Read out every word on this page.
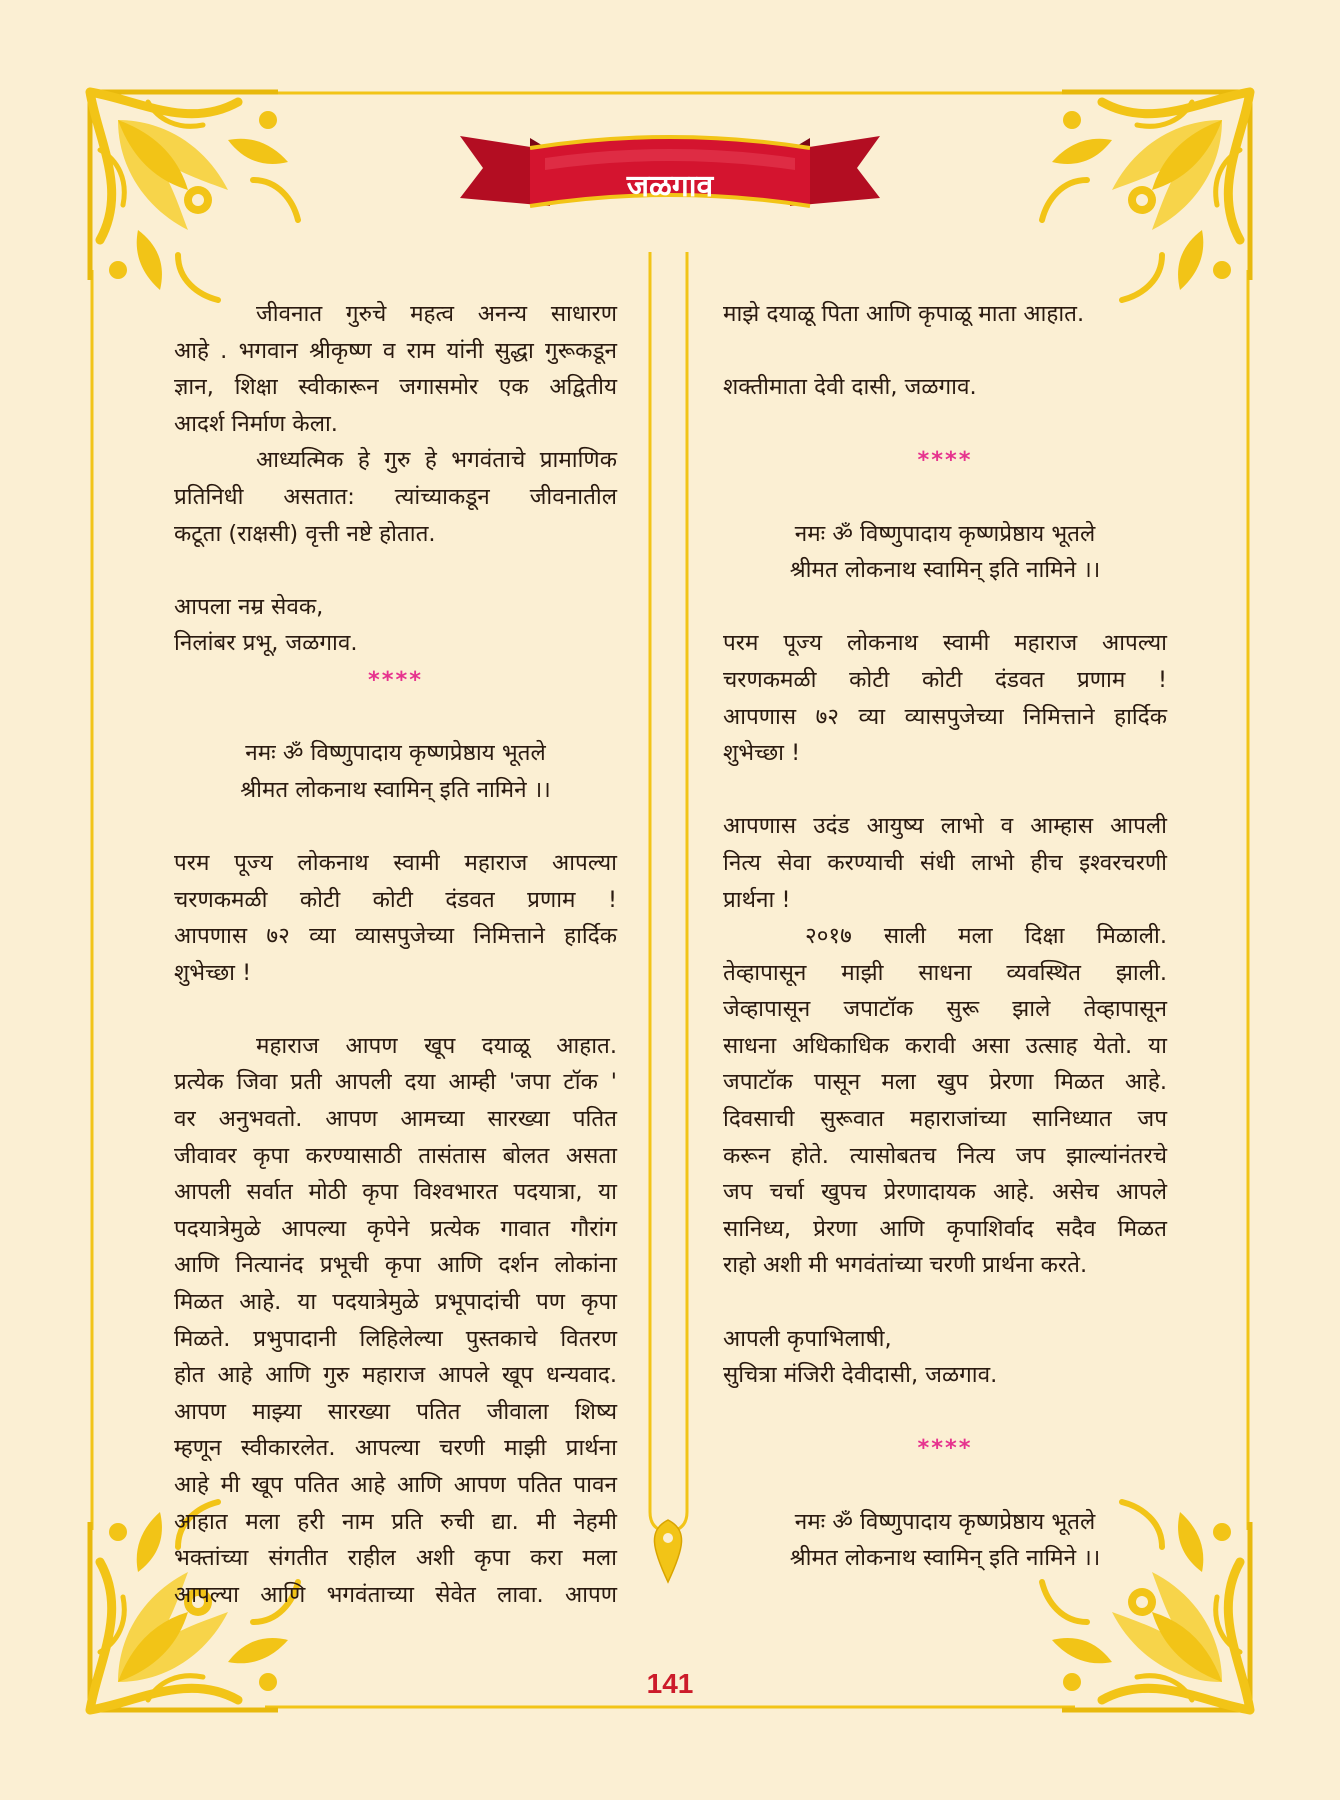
जळगाव

जीवनात गुरुचे महत्व अनन्य साधारण

आहे . भगवान श्रीकृष्ण व राम यांनी सुद्धा गुरूकडून

ज्ञान, शिक्षा स्वीकारून जगासमोर एक अद्वितीय

आदर्श निर्माण केला.

आध्यत्मिक हे गुरु हे भगवंताचे प्रामाणिक

प्रतिनिधी असतात: त्यांच्याकडून जीवनातील

कटूता (राक्षसी) वृत्ती नष्टे होतात.

आपला नम्र सेवक,

निलांबर प्रभू, जळगाव.

****

नमः ॐ विष्णुपादाय कृष्णप्रेष्ठाय भूतले

श्रीमत लोकनाथ स्वामिन् इति नामिने ।।

परम पूज्य लोकनाथ स्वामी महाराज आपल्या

चरणकमळी कोटी कोटी दंडवत प्रणाम !

आपणास ७२ व्या व्यासपुजेच्या निमित्ताने हार्दिक

शुभेच्छा !

महाराज आपण खूप दयाळू आहात.

प्रत्येक जिवा प्रती आपली दया आम्ही 'जपा टॉक '

वर अनुभवतो. आपण आमच्या सारख्या पतित

जीवावर कृपा करण्यासाठी तासंतास बोलत असता

आपली सर्वात मोठी कृपा विश्वभारत पदयात्रा, या

पदयात्रेमुळे आपल्या कृपेने प्रत्येक गावात गौरांग

आणि नित्यानंद प्रभूची कृपा आणि दर्शन लोकांना

मिळत आहे. या पदयात्रेमुळे प्रभूपादांची पण कृपा

मिळते. प्रभुपादानी लिहिलेल्या पुस्तकाचे वितरण

होत आहे आणि गुरु महाराज आपले खूप धन्यवाद.

आपण माझ्या सारख्या पतित जीवाला शिष्य

म्हणून स्वीकारलेत. आपल्या चरणी माझी प्रार्थना

आहे मी खूप पतित आहे आणि आपण पतित पावन

आहात मला हरी नाम प्रति रुची द्या. मी नेहमी

भक्तांच्या संगतीत राहील अशी कृपा करा मला

आपल्या आणि भगवंताच्या सेवेत लावा. आपण

माझे दयाळू पिता आणि कृपाळू माता आहात.

शक्तीमाता देवी दासी, जळगाव.

****

नमः ॐ विष्णुपादाय कृष्णप्रेष्ठाय भूतले

श्रीमत लोकनाथ स्वामिन् इति नामिने ।।

परम पूज्य लोकनाथ स्वामी महाराज आपल्या

चरणकमळी कोटी कोटी दंडवत प्रणाम !

आपणास ७२ व्या व्यासपुजेच्या निमित्ताने हार्दिक

शुभेच्छा !

आपणास उदंड आयुष्य लाभो व आम्हास आपली

नित्य सेवा करण्याची संधी लाभो हीच इश्वरचरणी

प्रार्थना !

२०१७ साली मला दिक्षा मिळाली.

तेव्हापासून माझी साधना व्यवस्थित झाली.

जेव्हापासून जपाटॉक सुरू झाले तेव्हापासून

साधना अधिकाधिक करावी असा उत्साह येतो. या

जपाटॉक पासून मला खुप प्रेरणा मिळत आहे.

दिवसाची सुरूवात महाराजांच्या सानिध्यात जप

करून होते. त्यासोबतच नित्य जप झाल्यांनंतरचे

जप चर्चा खुपच प्रेरणादायक आहे. असेच आपले

सानिध्य, प्रेरणा आणि कृपाशिर्वाद सदैव मिळत

राहो अशी मी भगवंतांच्या चरणी प्रार्थना करते.

आपली कृपाभिलाषी,

सुचित्रा मंजिरी देवीदासी, जळगाव.

****

नमः ॐ विष्णुपादाय कृष्णप्रेष्ठाय भूतले

श्रीमत लोकनाथ स्वामिन् इति नामिने ।।

141
